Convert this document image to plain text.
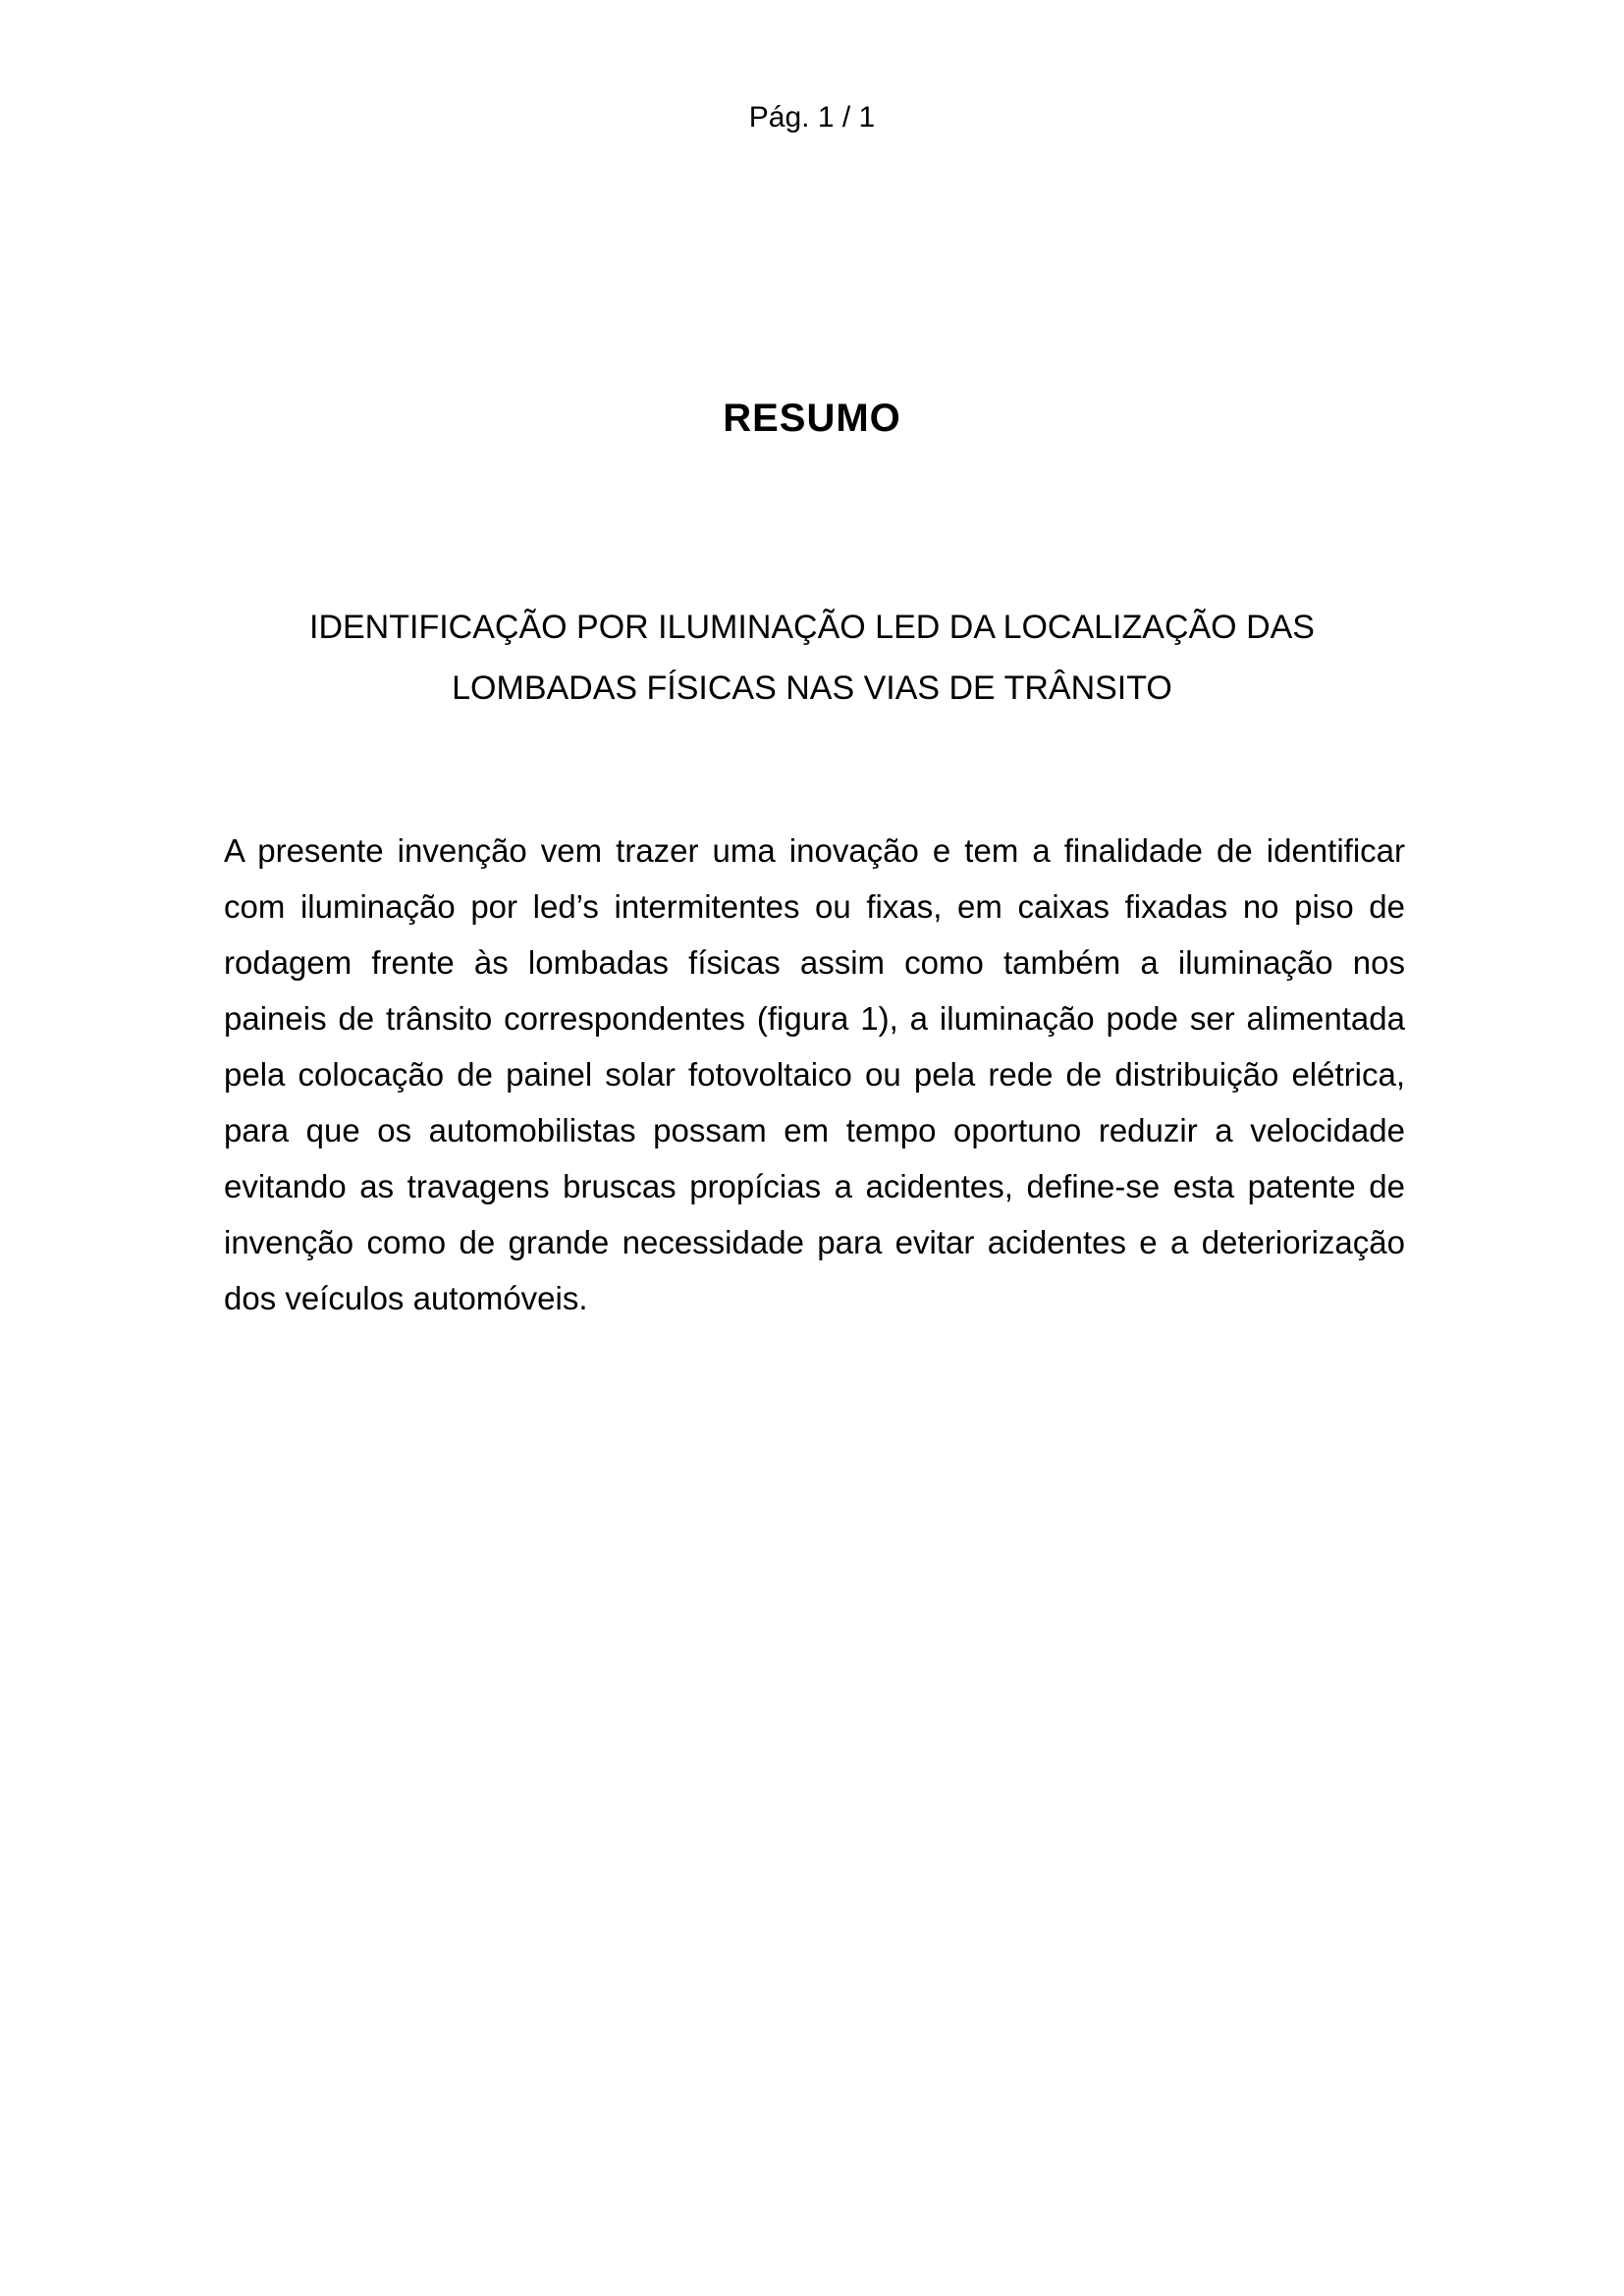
Pág. 1 / 1
RESUMO
IDENTIFICAÇÃO POR ILUMINAÇÃO LED DA LOCALIZAÇÃO DAS
LOMBADAS FÍSICAS NAS VIAS DE TRÂNSITO
A presente invenção vem trazer uma inovação e tem a finalidade de identificar
com iluminação por led’s intermitentes ou fixas, em caixas fixadas no piso de
rodagem frente às lombadas físicas assim como também a iluminação nos
paineis de trânsito correspondentes (figura 1), a iluminação pode ser alimentada
pela colocação de painel solar fotovoltaico ou pela rede de distribuição elétrica,
para que os automobilistas possam em tempo oportuno reduzir a velocidade
evitando as travagens bruscas propícias a acidentes, define-se esta patente de
invenção como de grande necessidade para evitar acidentes e a deteriorização
dos veículos automóveis.
